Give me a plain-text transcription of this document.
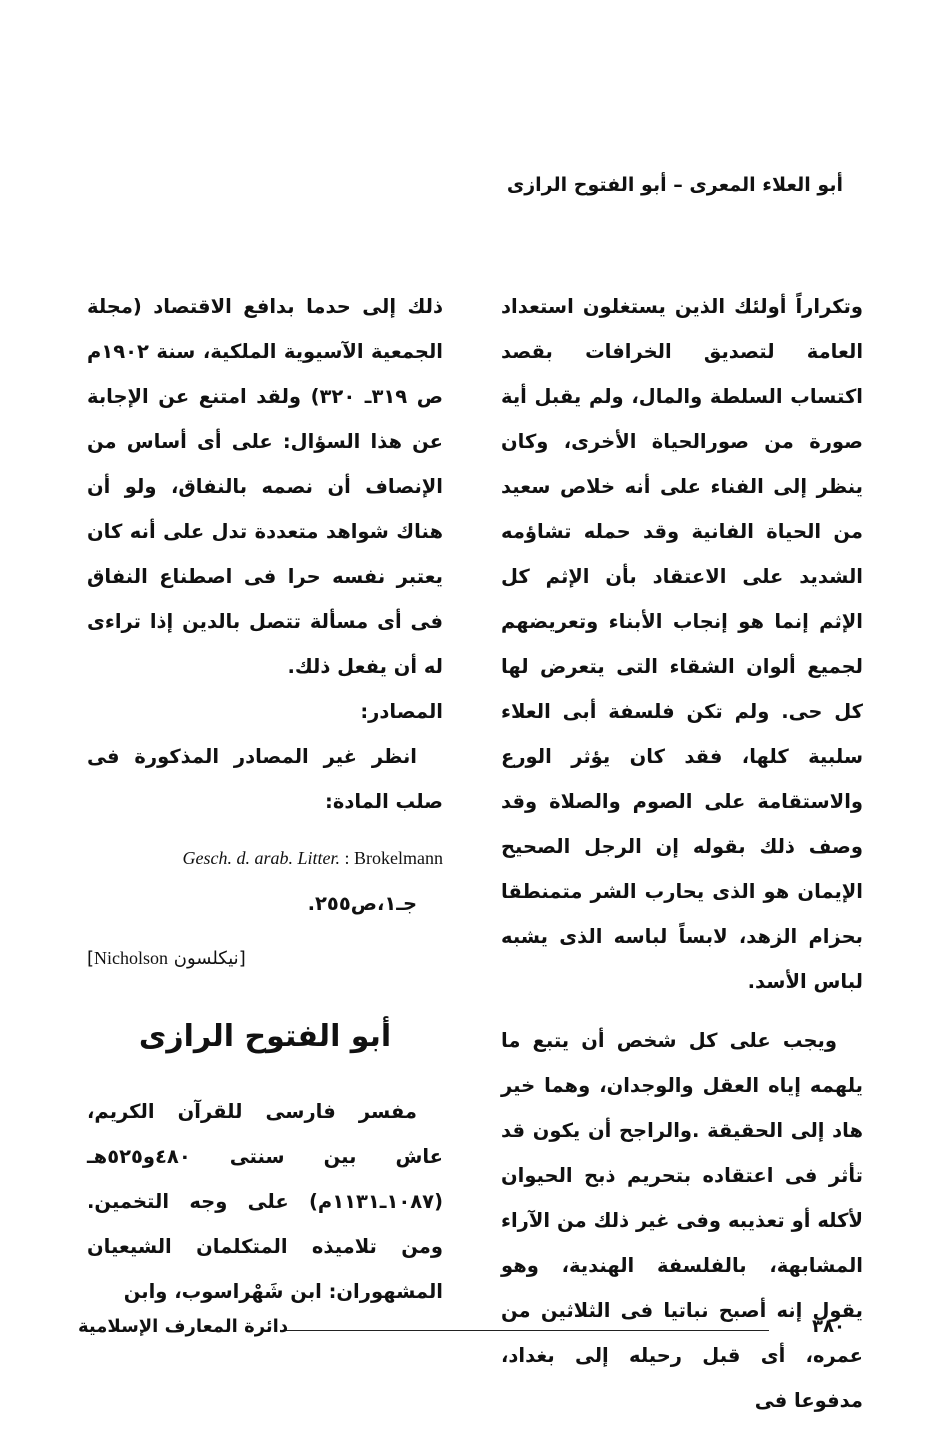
أبو العلاء المعرى – أبو الفتوح الرازى

وتكراراً أولئك الذين يستغلون استعداد العامة لتصديق الخرافات بقصد اكتساب السلطة والمال، ولم يقبل أية صورة من صورالحياة الأخرى، وكان ينظر إلى الفناء على أنه خلاص سعيد من الحياة الفانية وقد حمله تشاؤمه الشديد على الاعتقاد بأن الإثم كل الإثم إنما هو إنجاب الأبناء وتعريضهم لجميع ألوان الشقاء التى يتعرض لها كل حى. ولم تكن فلسفة أبى العلاء سلبية كلها، فقد كان يؤثر الورع والاستقامة على الصوم والصلاة وقد وصف ذلك بقوله إن الرجل الصحيح الإيمان هو الذى يحارب الشر متمنطقا بحزام الزهد، لابساً لباسه الذى يشبه لباس الأسد.

ويجب على كل شخص أن يتبع ما يلهمه إياه العقل والوجدان، وهما خير هاد إلى الحقيقة .والراجح أن يكون قد تأثر فى اعتقاده بتحريم ذبح الحيوان لأكله أو تعذيبه وفى غير ذلك من الآراء المشابهة، بالفلسفة الهندية، وهو يقول إنه أصبح نباتيا فى الثلاثين من عمره، أى قبل رحيله إلى بغداد، مدفوعا فى

ذلك إلى حدما بدافع الاقتصاد (مجلة الجمعية الآسيوية الملكية، سنة ١٩٠٢م ص ٣١٩ـ ٣٢٠) ولقد امتنع عن الإجابة عن هذا السؤال: على أى أساس من الإنصاف أن نصمه بالنفاق، ولو أن هناك شواهد متعددة تدل على أنه كان يعتبر نفسه حرا فى اصطناع النفاق فى أى مسألة تتصل بالدين إذا تراءى له أن يفعل ذلك.

المصادر:

انظر غير المصادر المذكورة فى صلب المادة:

Gesch. d. arab. Litter. : Brokelmann

جـ١،ص٢٥٥.

[نيكلسون Nicholson]

أبو الفتوح الرازى

مفسر فارسى للقرآن الكريم، عاش بين سنتى ٤٨٠و٥٢٥هـ (١٠٨٧ـ١١٣١م) على وجه التخمين. ومن تلاميذه المتكلمان الشيعيان المشهوران: ابن شَهْراسوب، وابن

٣٨٠
دائرة المعارف الإسلامية
